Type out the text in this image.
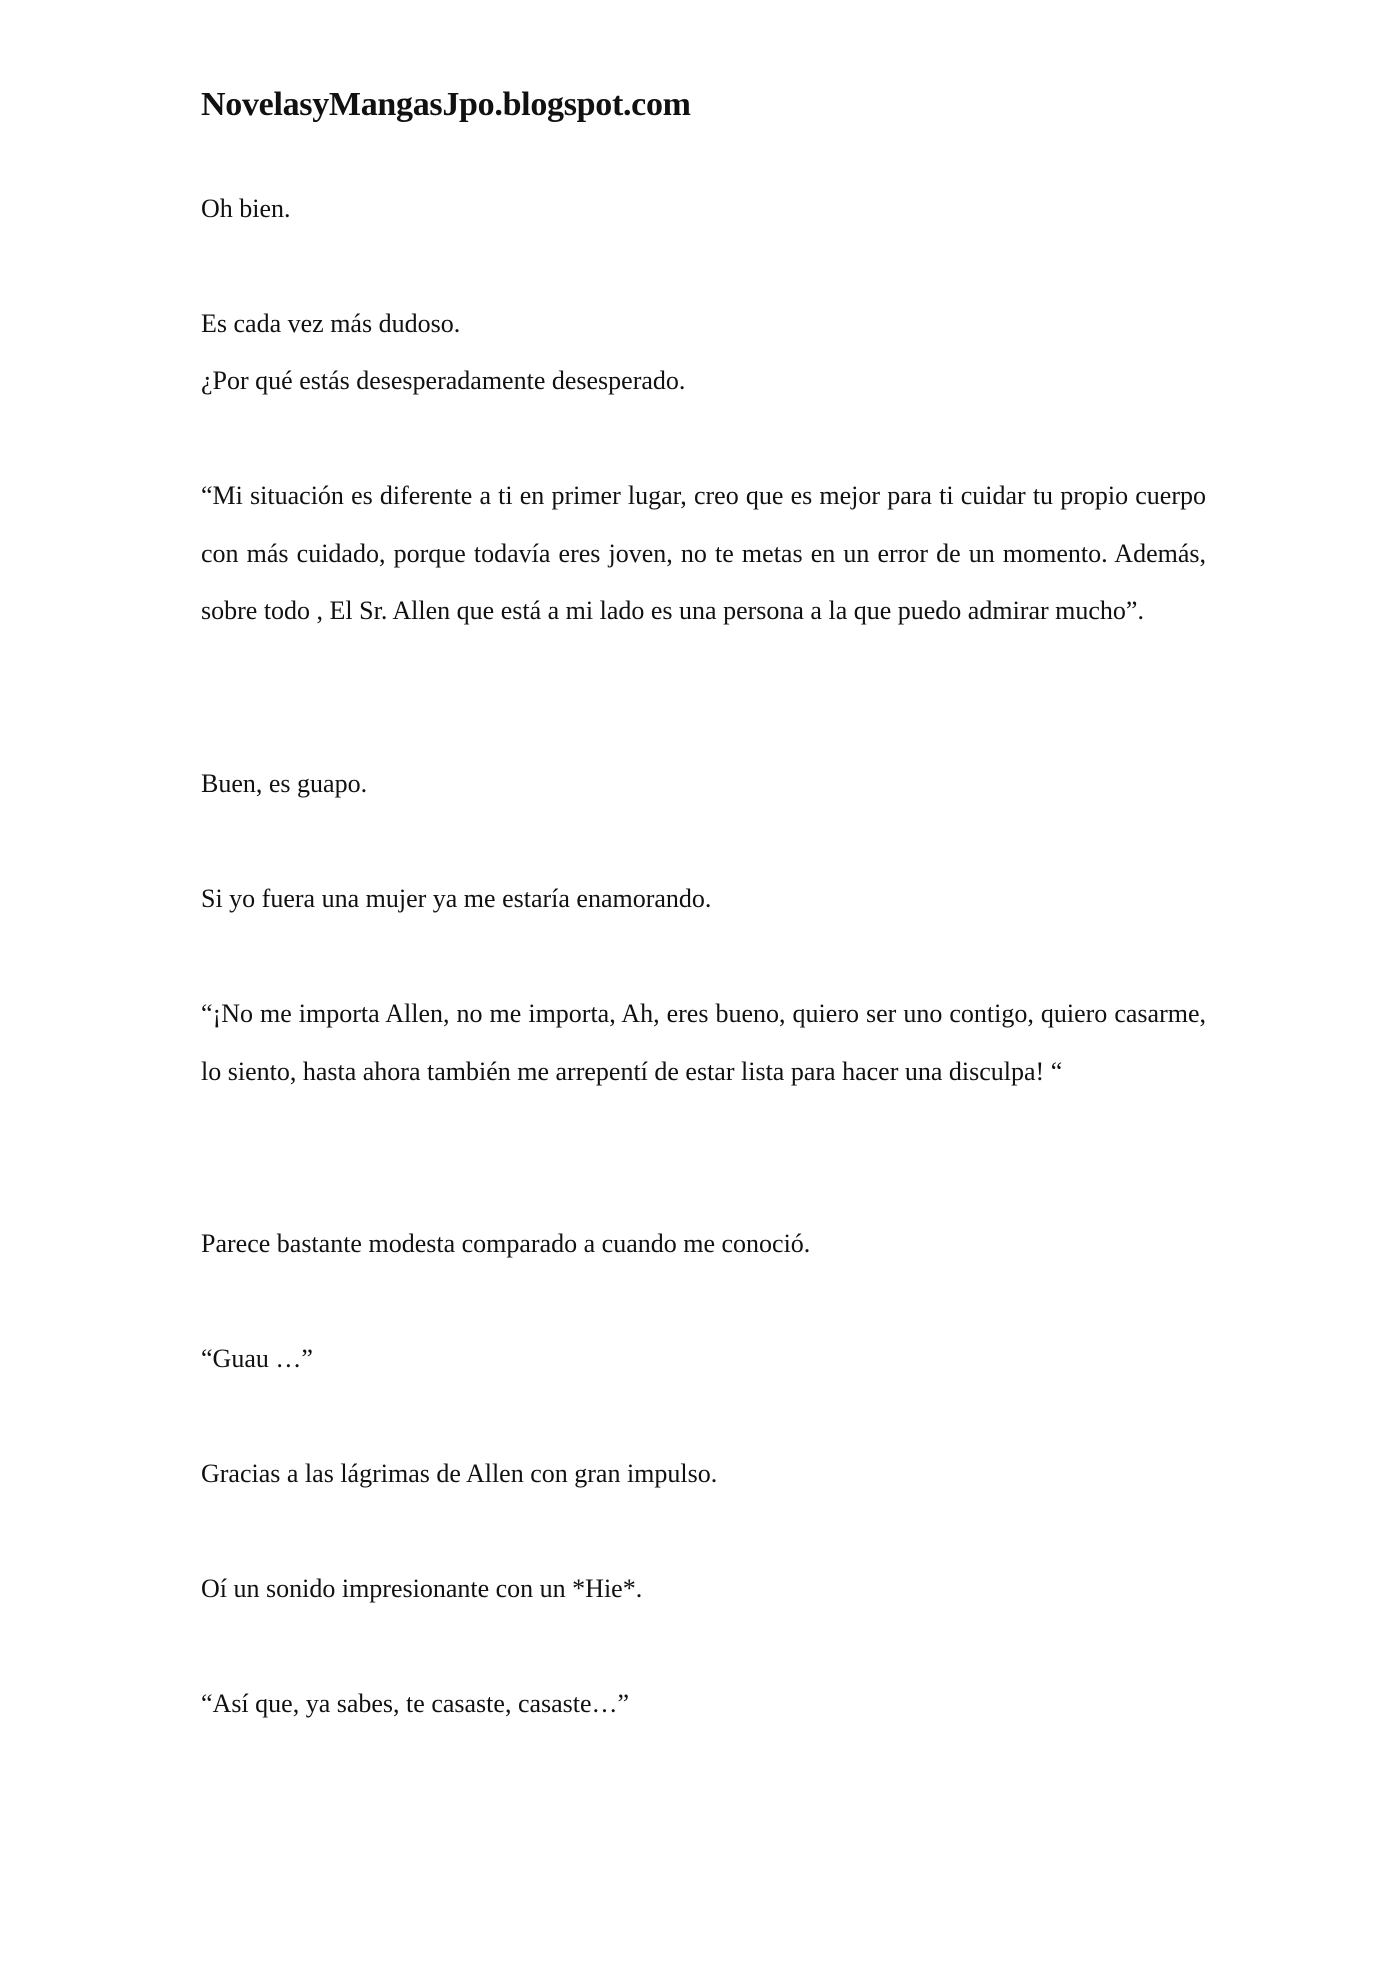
NovelasyMangasJpo.blogspot.com

Oh bien.

Es cada vez más dudoso.

¿Por qué estás desesperadamente desesperado.

“Mi situación es diferente a ti en primer lugar, creo que es mejor para ti cuidar tu propio cuerpo con más cuidado, porque todavía eres joven, no te metas en un error de un momento. Además, sobre todo , El Sr. Allen que está a mi lado es una persona a la que puedo admirar mucho”.

Buen, es guapo.

Si yo fuera una mujer ya me estaría enamorando.

“¡No me importa Allen, no me importa, Ah, eres bueno, quiero ser uno contigo, quiero casarme, lo siento, hasta ahora también me arrepentí de estar lista para hacer una disculpa! “

Parece bastante modesta comparado a cuando me conoció.

“Guau …”

Gracias a las lágrimas de Allen con gran impulso.

Oí un sonido impresionante con un *Hie*.

“Así que, ya sabes, te casaste, casaste…”
